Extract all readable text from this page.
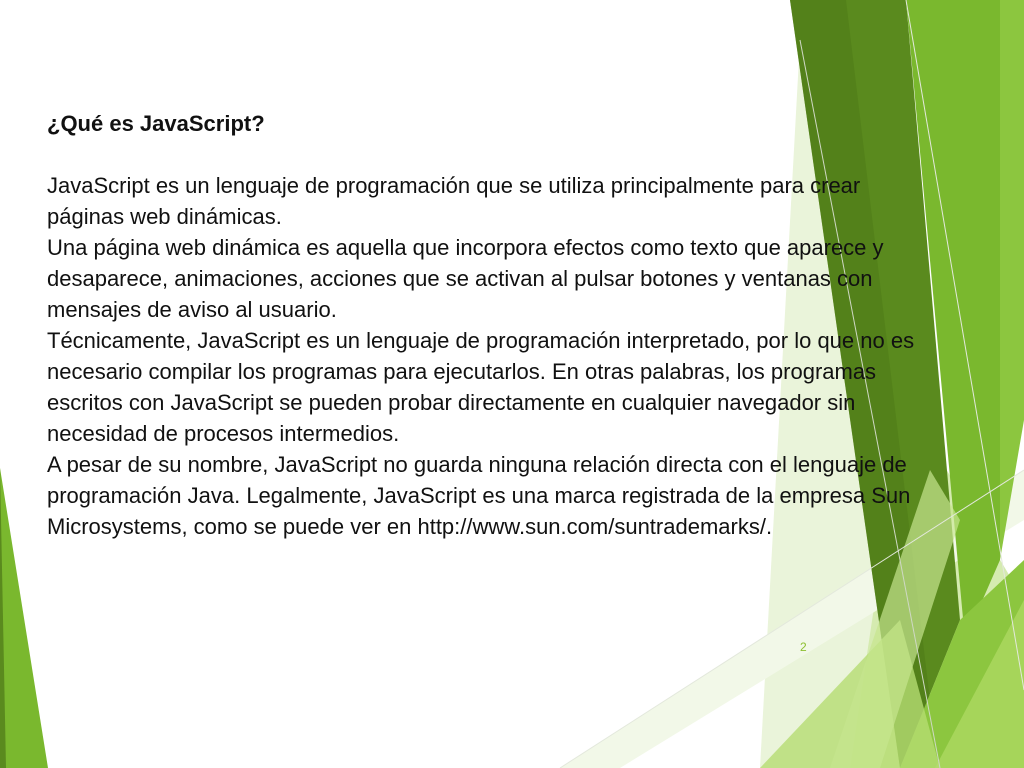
¿Qué es JavaScript?

JavaScript es un lenguaje de programación que se utiliza principalmente para crear páginas web dinámicas.

Una página web dinámica es aquella que incorpora efectos como texto que aparece y desaparece, animaciones, acciones que se activan al pulsar botones y ventanas con mensajes de aviso al usuario.

Técnicamente, JavaScript es un lenguaje de programación interpretado, por lo que no es necesario compilar los programas para ejecutarlos. En otras palabras, los programas escritos con JavaScript se pueden probar directamente en cualquier navegador sin necesidad de procesos intermedios.

A pesar de su nombre, JavaScript no guarda ninguna relación directa con el lenguaje de programación Java. Legalmente, JavaScript es una marca registrada de la empresa Sun Microsystems, como se puede ver en http://www.sun.com/suntrademarks/.

2
